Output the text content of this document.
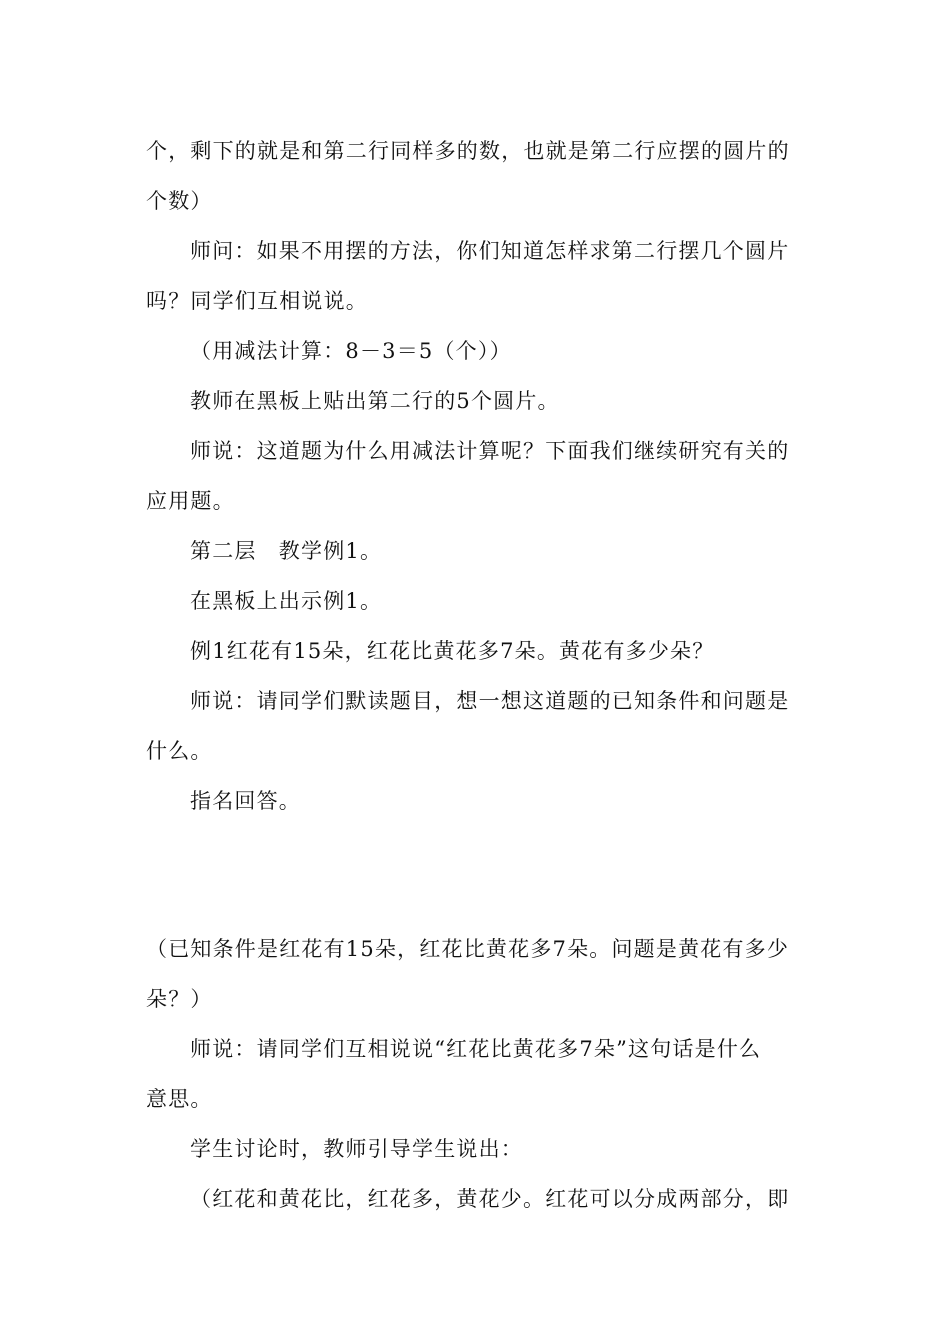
个，剩下的就是和第二行同样多的数，也就是第二行应摆的圆片的
个数）
师问：如果不用摆的方法，你们知道怎样求第二行摆几个圆片
吗？同学们互相说说。
（用减法计算：8－3＝5（个））
教师在黑板上贴出第二行的5个圆片。
师说：这道题为什么用减法计算呢？下面我们继续研究有关的
应用题。
第二层　教学例1。
在黑板上出示例1。
例1红花有15朵，红花比黄花多7朵。黄花有多少朵？
师说：请同学们默读题目，想一想这道题的已知条件和问题是
什么。
指名回答。
（已知条件是红花有15朵，红花比黄花多7朵。问题是黄花有多少
朵？）
师说：请同学们互相说说“红花比黄花多7朵”这句话是什么
意思。
学生讨论时，教师引导学生说出：
（红花和黄花比，红花多，黄花少。红花可以分成两部分，即
